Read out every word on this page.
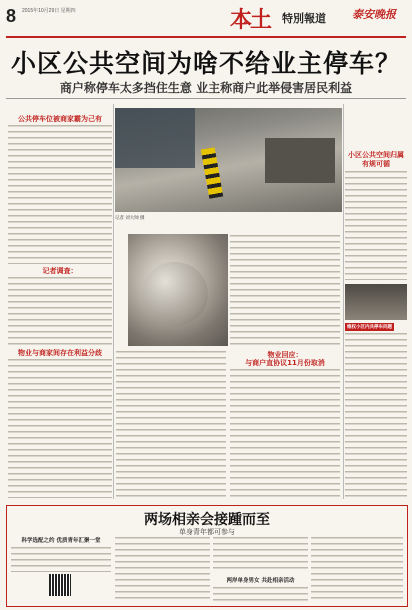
8 2015年10月29日 星期四	本土 特別報道 泰安晚报
小区公共空间为啥不给业主停车？
商户称停车太多挡住生意 业主称商户此举侵害居民利益
公共停车位被商家霸为己有
记者调查：
物业与商家间存在利益分歧
记者 刘大帅 摄
物业回应：
与商户直协议11月份取消
小区公共空间归属
有规可循
维权小区内共停车问题
两场相亲会接踵而至
单身青年都可参与
科学选配之约 优质青年汇聚一堂
两岸单身男女 共赴相亲活动
